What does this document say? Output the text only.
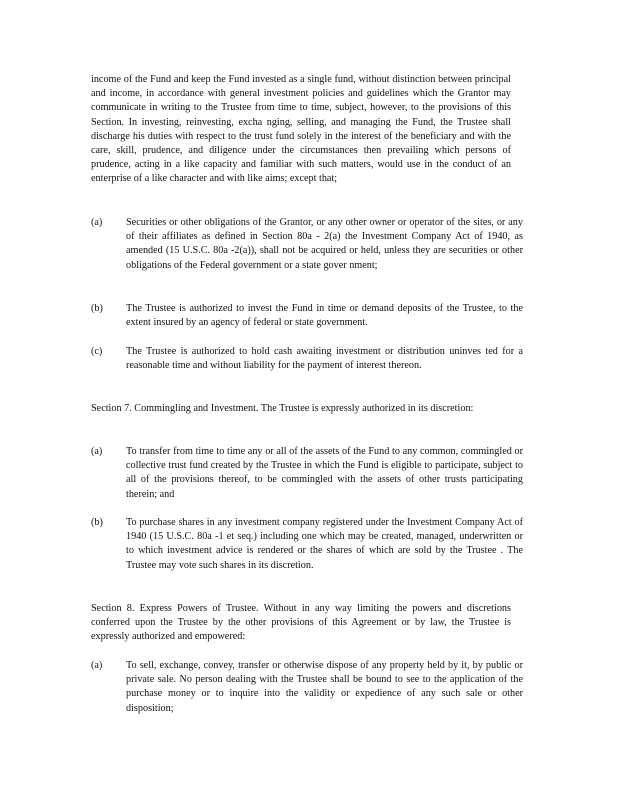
income of the Fund and keep the Fund invested as a single fund, without distinction between principal and income, in accordance with general investment policies and guidelines which the Grantor may communicate in writing to the Trustee from time to time, subject, however, to the provisions of this Section. In investing, reinvesting, excha nging, selling, and managing the Fund, the Trustee shall discharge his duties with respect to the trust fund solely in the interest of the beneficiary and with the care, skill, prudence, and diligence under the circumstances then prevailing which persons of prudence, acting in a like capacity and familiar with such matters, would use in the conduct of an enterprise of a like character and with like aims; except that;

(a)	Securities or other obligations of the Grantor, or any other owner or operator of the sites, or any of their affiliates as defined in Section 80a - 2(a) the Investment Company Act of 1940, as amended (15 U.S.C. 80a -2(a)), shall not be acquired or held, unless they are securities or other obligations of the Federal government or a state gover nment;

(b)	The Trustee is authorized to invest the Fund in time or demand deposits of the Trustee, to the extent insured by an agency of federal or state government.

(c)	The Trustee is authorized to hold cash awaiting investment or distribution uninves ted for a reasonable time and without liability for the payment of interest thereon.

Section 7. Commingling and Investment. The Trustee is expressly authorized in its discretion:

(a)	To transfer from time to time any or all of the assets of the Fund to any common, commingled or collective trust fund created by the Trustee in which the Fund is eligible to participate, subject to all of the provisions thereof, to be commingled with the assets of other trusts participating therein; and

(b)	To purchase shares in any investment company registered under the Investment Company Act of 1940 (15 U.S.C. 80a -1 et seq.) including one which may be created, managed, underwritten or to which investment advice is rendered or the shares of which are sold by the Trustee . The Trustee may vote such shares in its discretion.

Section 8. Express Powers of Trustee. Without in any way limiting the powers and discretions conferred upon the Trustee by the other provisions of this Agreement or by law, the Trustee is expressly authorized and empowered:

(a)	To sell, exchange, convey, transfer or otherwise dispose of any property held by it, by public or private sale. No person dealing with the Trustee shall be bound to see to the application of the purchase money or to inquire into the validity or expedience of any such sale or other disposition;
